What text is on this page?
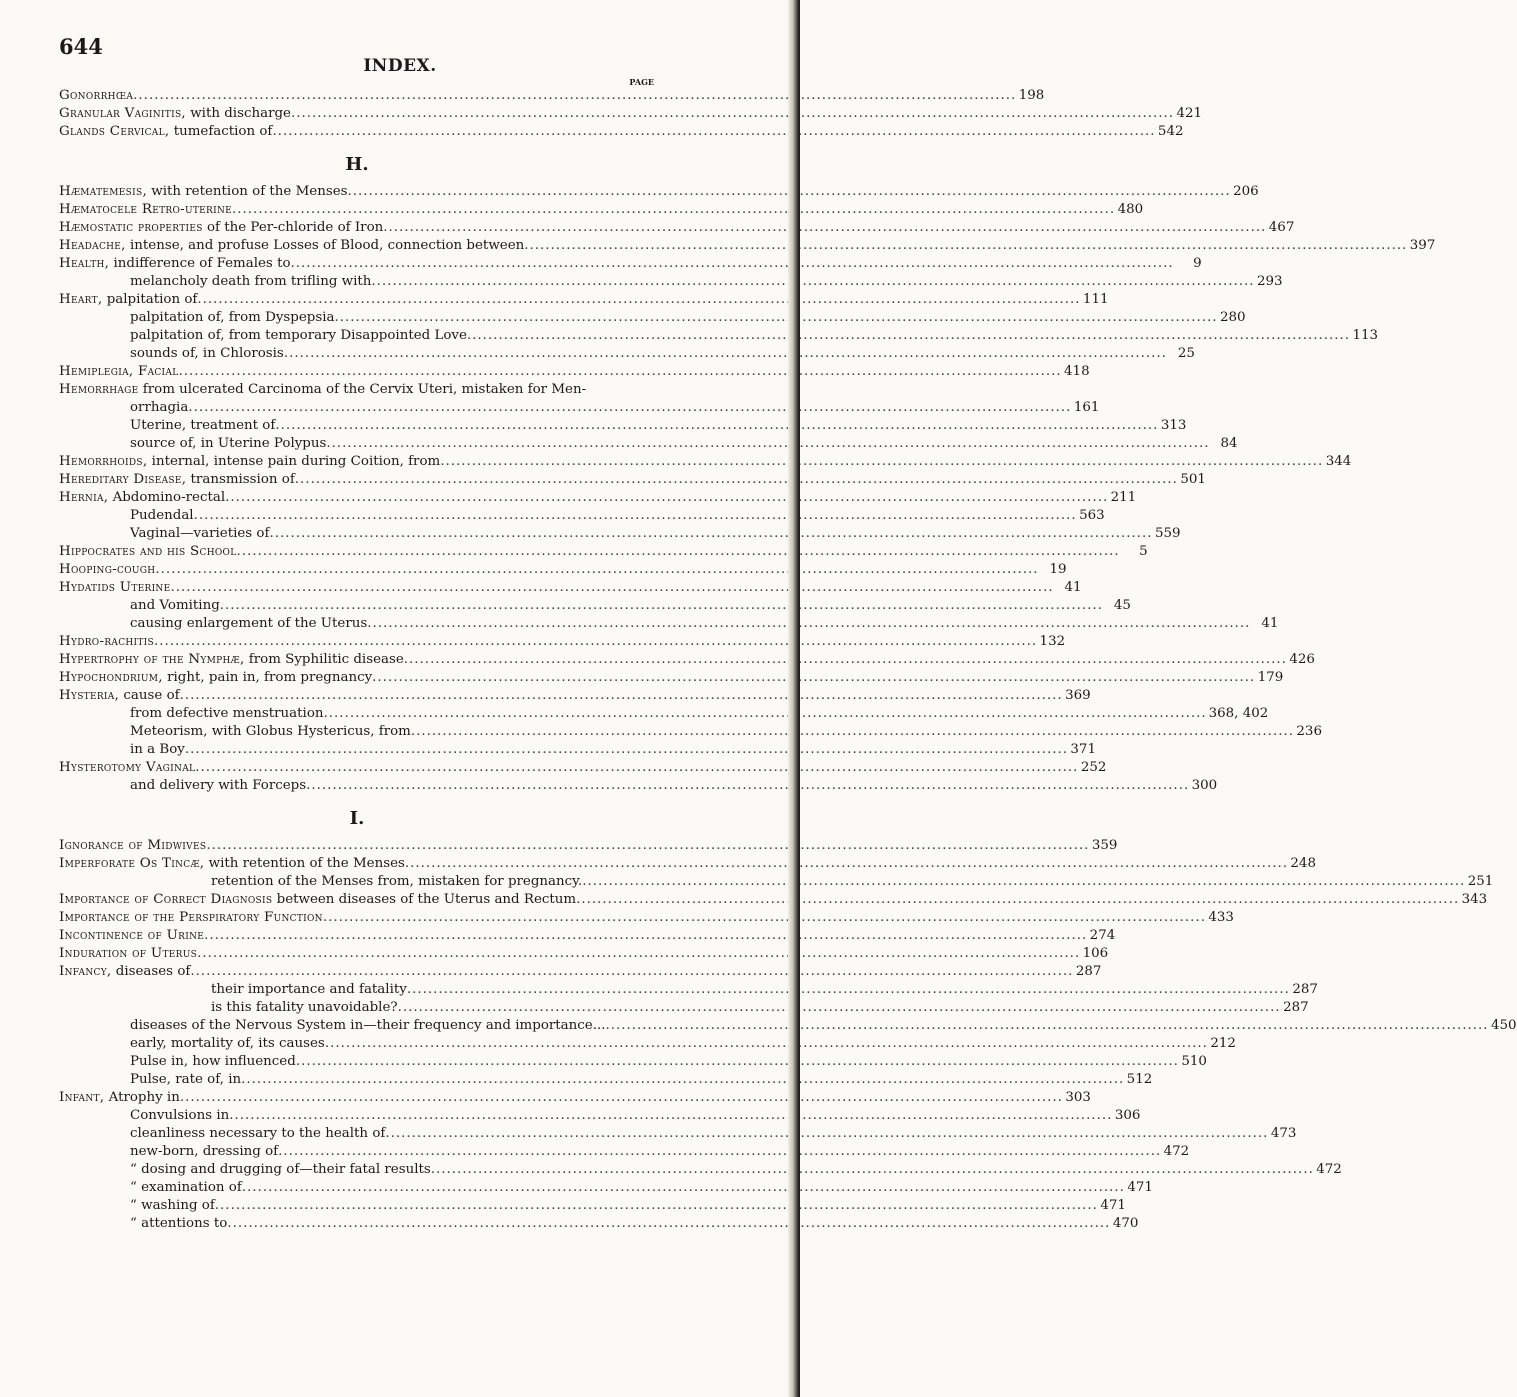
644
INDEX.
PAGE
Gonorrhœa .....	198
Granular Vaginitis, with discharge .....	421
Glands Cervical, tumefaction of .....	542
H.
Hæmatemesis, with retention of the Menses .....	206
Hæmatocele Retro-uterine .....	480
Hæmostatic properties of the Per-chloride of Iron .....	467
Headache, intense, and profuse Losses of Blood, connection between .....	397
Health, indifference of Females to .....	9
melancholy death from trifling with .....	293
Heart, palpitation of .....	111
palpitation of, from Dyspepsia .....	280
palpitation of, from temporary Disappointed Love .....	113
sounds of, in Chlorosis .....	25
Hemiplegia, Facial .....	418
Hemorrhage from ulcerated Carcinoma of the Cervix Uteri, mistaken for Men-
orrhagia .....	161
Uterine, treatment of .....	313
source of, in Uterine Polypus .....	84
Hemorrhoids, internal, intense pain during Coition, from .....	344
Hereditary Disease, transmission of .....	501
Hernia, Abdomino-rectal .....	211
Pudendal .....	563
Vaginal—varieties of .....	559
Hippocrates and his School .....	5
Hooping-cough .....	19
Hydatids Uterine .....	41
and Vomiting .....	45
causing enlargement of the Uterus .....	41
Hydro-rachitis .....	132
Hypertrophy of the Nymphæ, from Syphilitic disease .....	426
Hypochondrium, right, pain in, from pregnancy .....	179
Hysteria, cause of .....	369
from defective menstruation .....	368, 402
Meteorism, with Globus Hystericus, from .....	236
in a Boy .....	371
Hysterotomy Vaginal .....	252
and delivery with Forceps .....	300
I.
Ignorance of Midwives .....	359
Imperforate Os Tincæ, with retention of the Menses .....	248
retention of the Menses from, mistaken for pregnancy. .....	251
Importance of Correct Diagnosis between diseases of the Uterus and Rectum .....	343
Importance of the Perspiratory Function .....	433
Incontinence of Urine .....	274
Induration of Uterus .....	106
Infancy, diseases of .....	287
their importance and fatality .....	287
is this fatality unavoidable? .....	287
diseases of the Nervous System in—their frequency and importance... .....	450
early, mortality of, its causes .....	212
Pulse in, how influenced .....	510
Pulse, rate of, in .....	512
Infant, Atrophy in .....	303
Convulsions in .....	306
cleanliness necessary to the health of .....	473
new-born, dressing of .....	472
“ dosing and drugging of—their fatal results .....	472
“ examination of .....	471
“ washing of .....	471
“ attentions to .....	470
